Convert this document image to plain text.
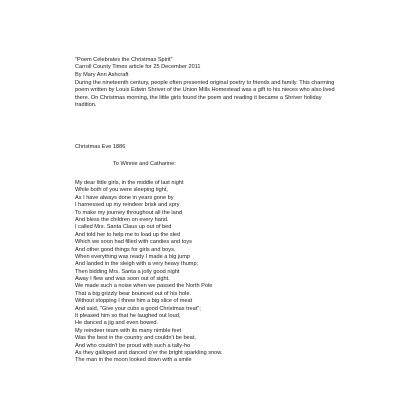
"Poem Celebrates the Christmas Spirit"
Carroll County Times article for 25 December 2011
By Mary Ann Ashcraft
During the nineteenth century, people often presented original poetry to friends and family. This charming poem written by Louis Edwin Shriver of the Union Mills Homestead was a gift to his nieces who also lived there. On Christmas morning, the little girls found the poem and reading it became a Shriver holiday tradition.
Christmas Eve 1886
To Winnie and Catharine:
My dear little girls, in the middle of last night
While both of you were sleeping tight,
As I have always done in years gone by
I harnessed up my reindeer brisk and spry
To make my journey throughout all the land
And bless the children on every hand.
I called Mrs. Santa Claus up out of bed
And told her to help me to load up the sled
Which we soon had filled with candies and toys
And other good things for girls and boys.
When everything was ready I made a big jump
And landed in the sleigh with a very heavy thump;
Then bidding Mrs. Santa a jolly good night
Away I flew and was soon out of sight.
We made such a noise when we passed the North Pole
That a big grizzly bear bounced out of his hole.
Without stopping I threw him a big slice of meat
And said, "Give your cubs a good Christmas treat";
It pleased him so that he laughed out loud,
He danced a jig and even bowed.
My reindeer team with its many nimble feet
Was the best in the country and couldn't be beat,
And who couldn't be proud with such a tally-ho
As they galloped and danced o'er the bright sparkling snow.
The man in the moon looked down with a smile
